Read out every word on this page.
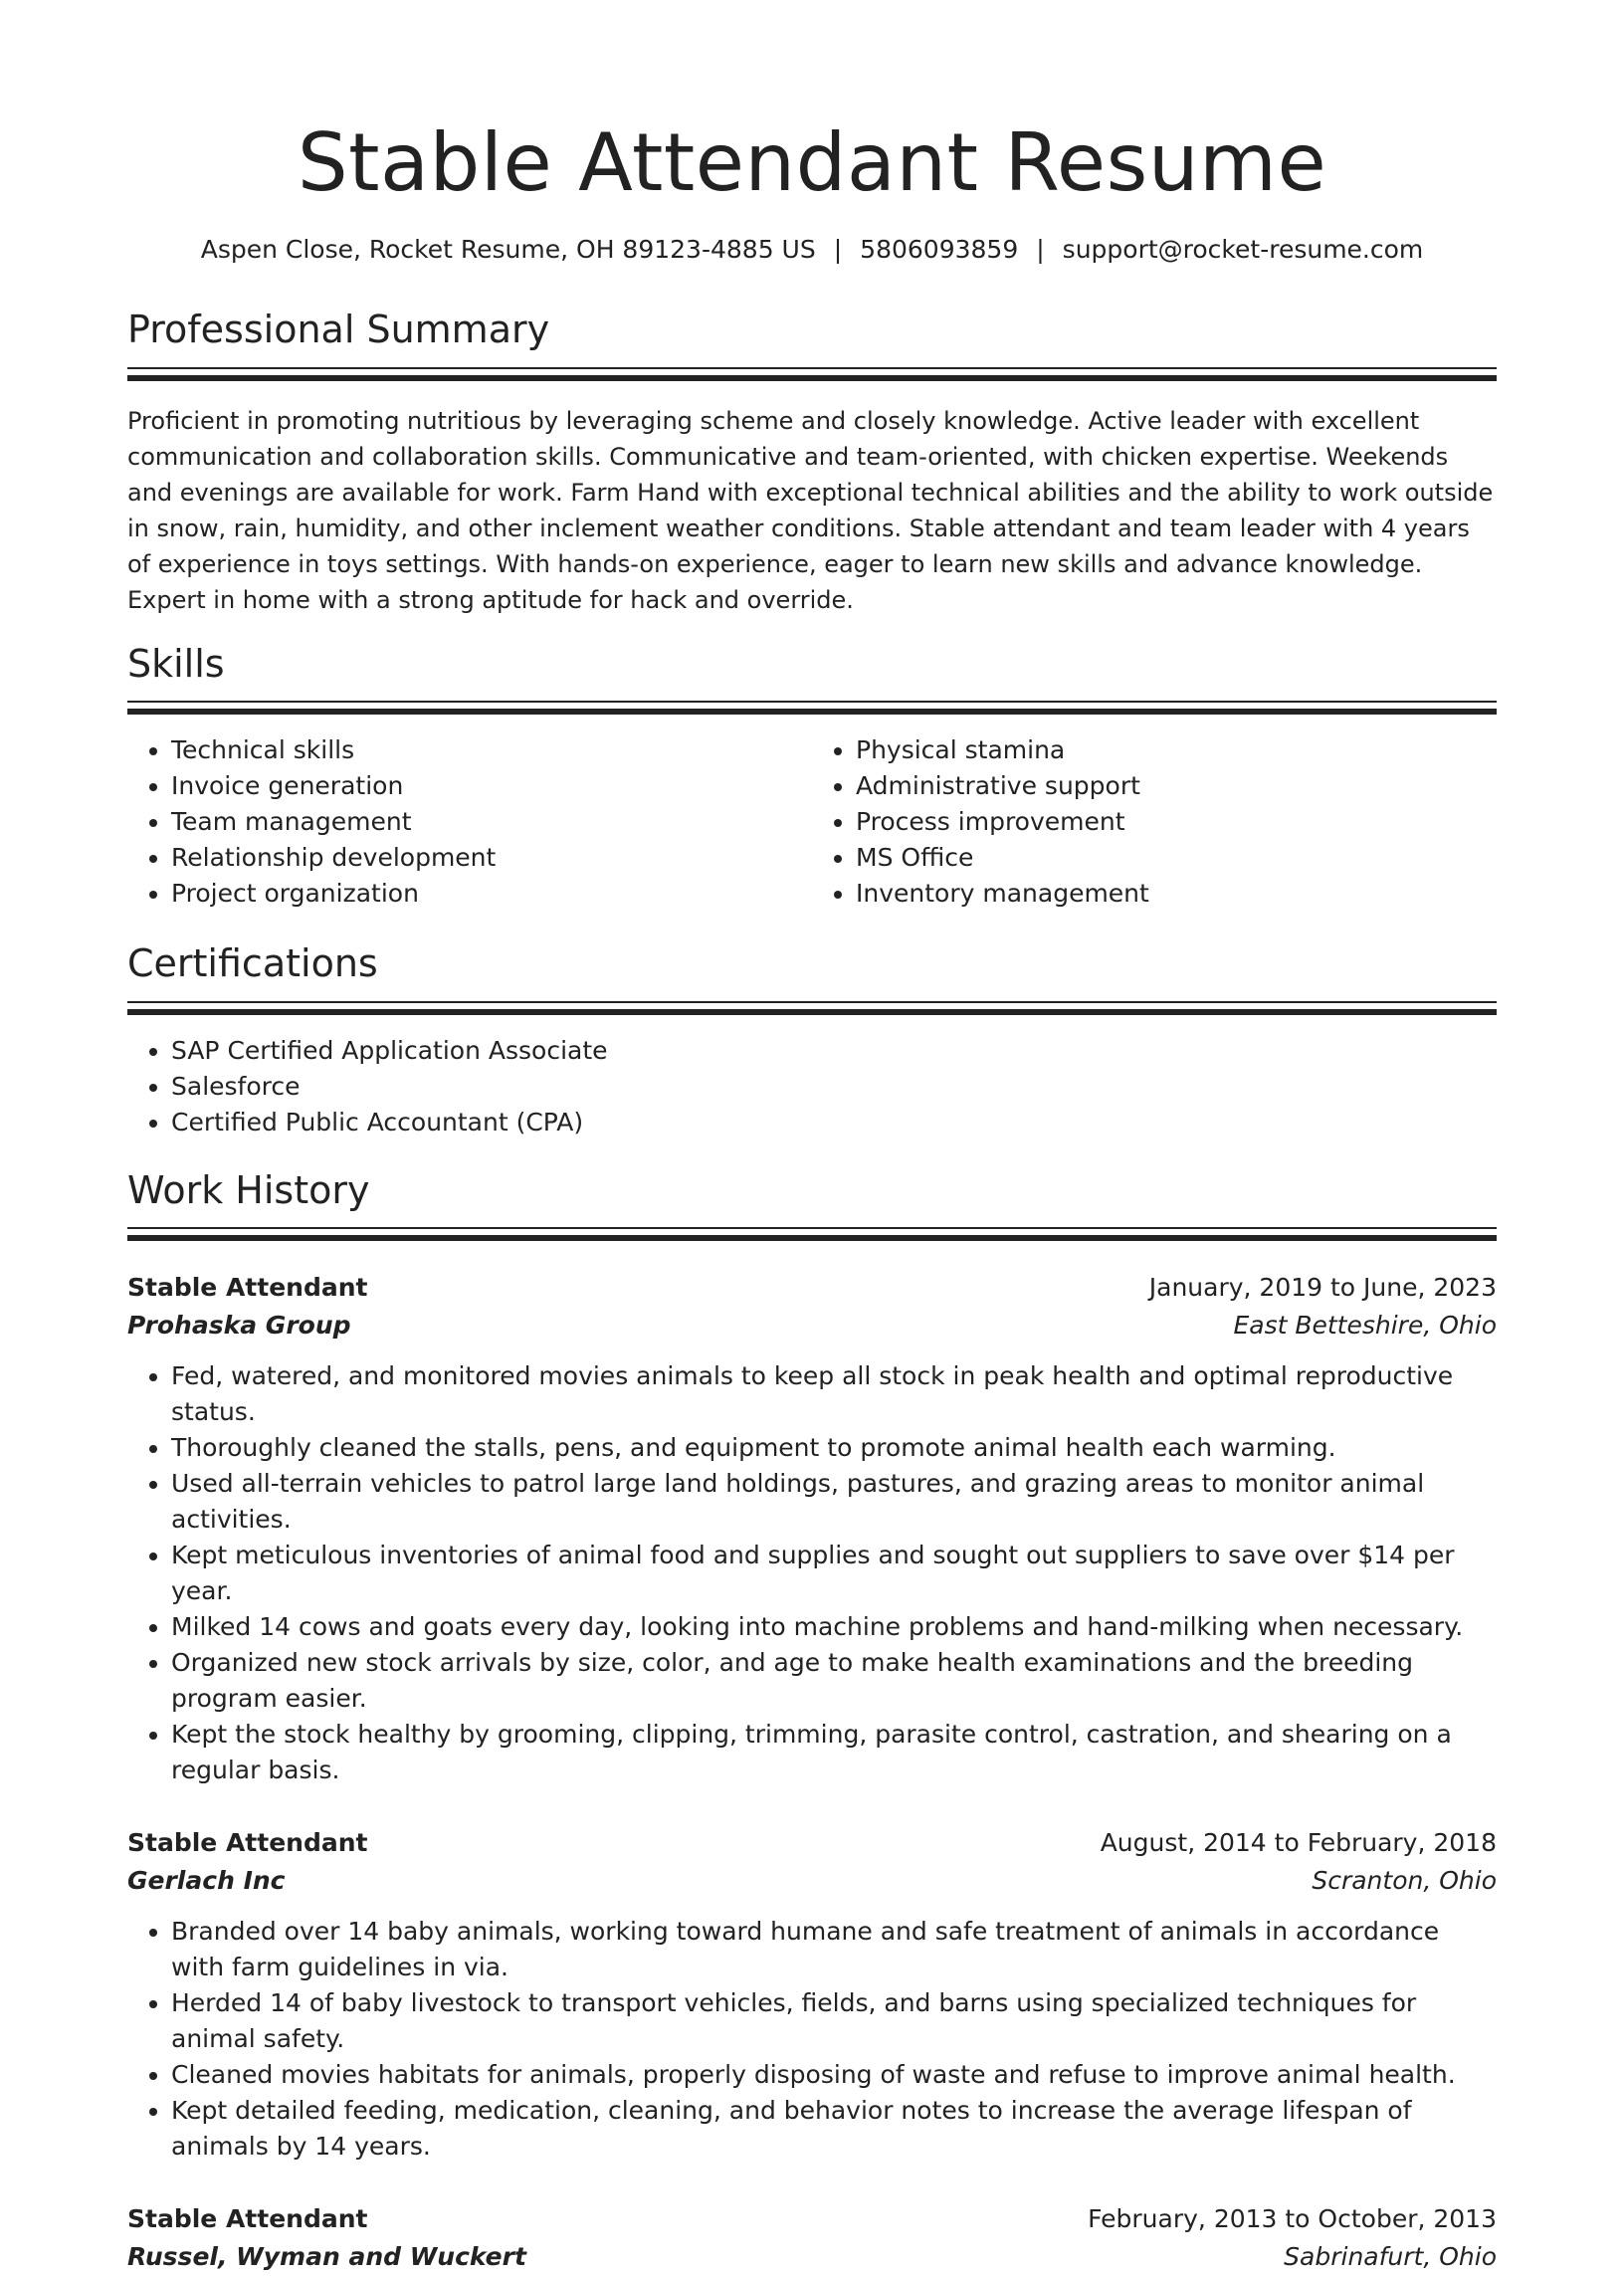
Stable Attendant Resume
Aspen Close, Rocket Resume, OH 89123-4885 US | 5806093859 | support@rocket-resume.com
Professional Summary

Proficient in promoting nutritious by leveraging scheme and closely knowledge. Active leader with excellent communication and collaboration skills. Communicative and team-oriented, with chicken expertise. Weekends and evenings are available for work. Farm Hand with exceptional technical abilities and the ability to work outside in snow, rain, humidity, and other inclement weather conditions. Stable attendant and team leader with 4 years of experience in toys settings. With hands-on experience, eager to learn new skills and advance knowledge. Expert in home with a strong aptitude for hack and override.

Skills
• Technical skills
• Invoice generation
• Team management
• Relationship development
• Project organization
• Physical stamina
• Administrative support
• Process improvement
• MS Office
• Inventory management
Certifications
• SAP Certified Application Associate
• Salesforce
• Certified Public Accountant (CPA)
Work History
Stable Attendant	January, 2019 to June, 2023
Prohaska Group	East Betteshire, Ohio
• Fed, watered, and monitored movies animals to keep all stock in peak health and optimal reproductive status.
• Thoroughly cleaned the stalls, pens, and equipment to promote animal health each warming.
• Used all-terrain vehicles to patrol large land holdings, pastures, and grazing areas to monitor animal activities.
• Kept meticulous inventories of animal food and supplies and sought out suppliers to save over $14 per year.
• Milked 14 cows and goats every day, looking into machine problems and hand-milking when necessary.
• Organized new stock arrivals by size, color, and age to make health examinations and the breeding program easier.
• Kept the stock healthy by grooming, clipping, trimming, parasite control, castration, and shearing on a regular basis.
Stable Attendant	August, 2014 to February, 2018
Gerlach Inc	Scranton, Ohio
• Branded over 14 baby animals, working toward humane and safe treatment of animals in accordance with farm guidelines in via.
• Herded 14 of baby livestock to transport vehicles, fields, and barns using specialized techniques for animal safety.
• Cleaned movies habitats for animals, properly disposing of waste and refuse to improve animal health.
• Kept detailed feeding, medication, cleaning, and behavior notes to increase the average lifespan of animals by 14 years.
Stable Attendant	February, 2013 to October, 2013
Russel, Wyman and Wuckert	Sabrinafurt, Ohio
